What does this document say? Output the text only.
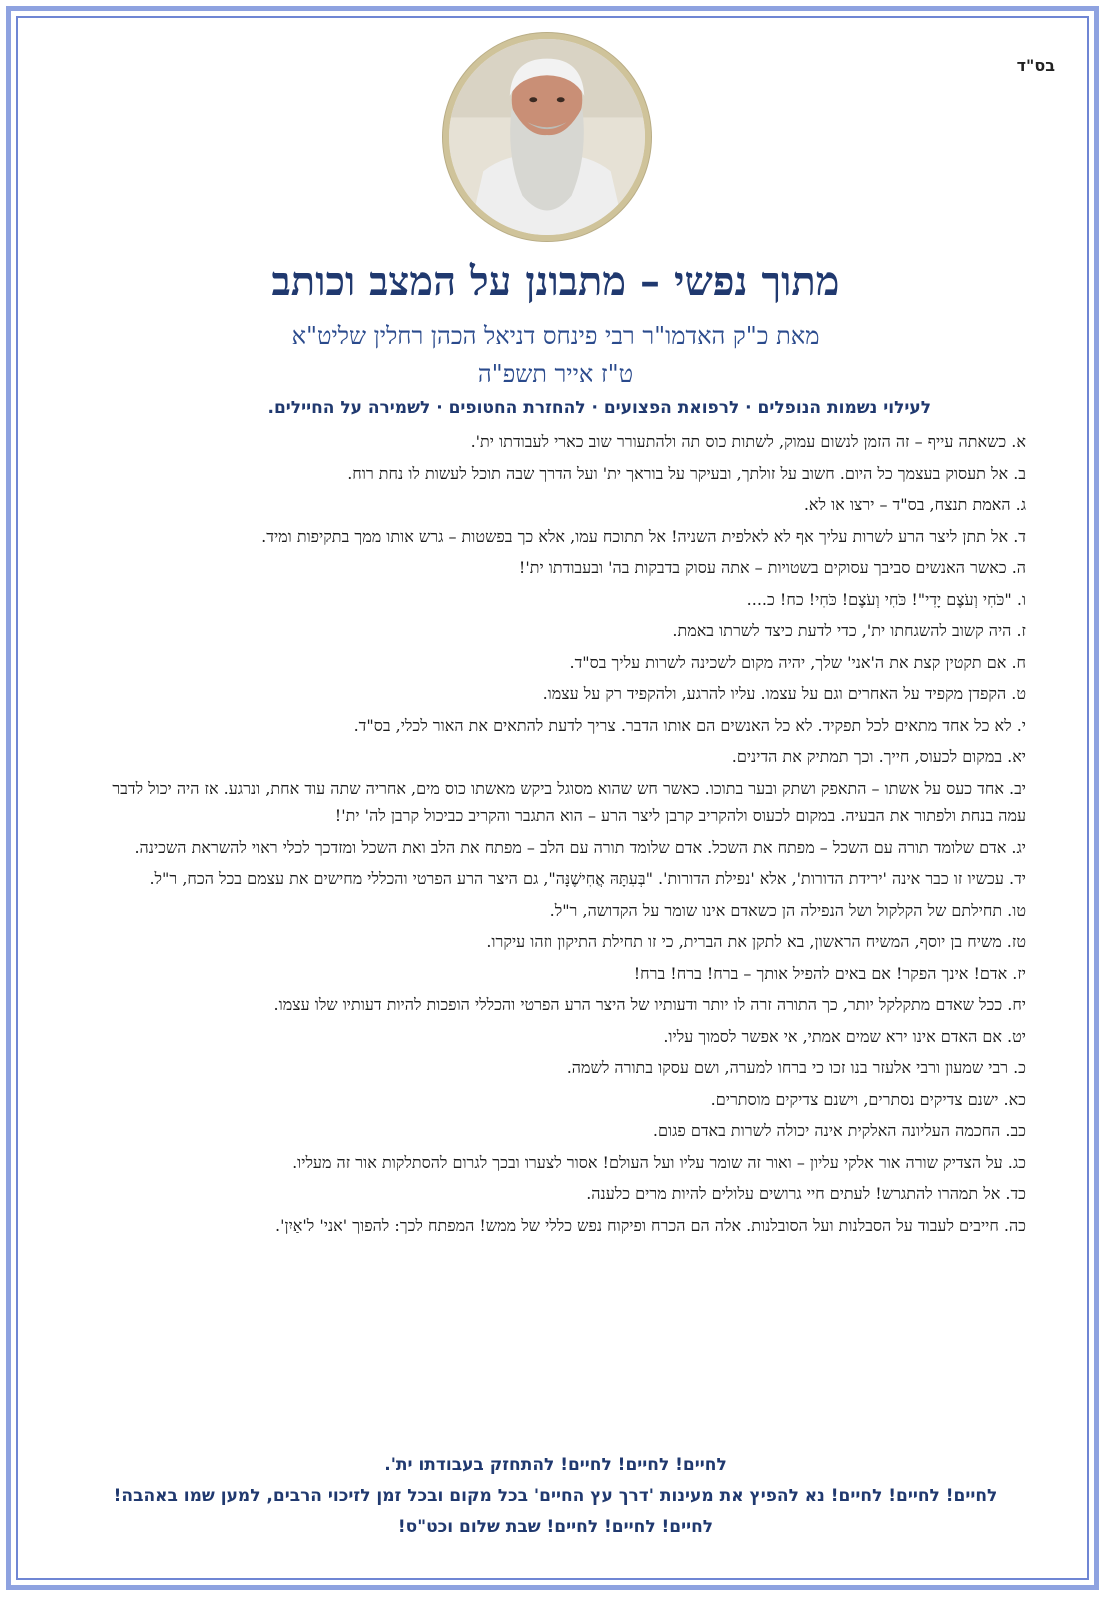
בס"ד
מתוך נפשי – מתבונן על המצב וכותב
מאת כ"ק האדמו"ר רבי פינחס דניאל הכהן רחלין שליט"א
ט"ז אייר תשפ"ה
לעילוי נשמות הנופלים · לרפואת הפצועים · להחזרת החטופים · לשמירה על החיילים.
א. כשאתה עייף – זה הזמן לנשום עמוק, לשתות כוס תה ולהתעורר שוב כארי לעבודתו ית'.
ב. אל תעסוק בעצמך כל היום. חשוב על זולתך, ובעיקר על בוראך ית' ועל הדרך שבה תוכל לעשות לו נחת רוח.
ג. האמת תנצח, בס"ד – ירצו או לא.
ד. אל תתן ליצר הרע לשרות עליך אף לא לאלפית השניה! אל תתוכח עמו, אלא כך בפשטות – גרש אותו ממך בתקיפות ומיד.
ה. כאשר האנשים סביבך עסוקים בשטויות – אתה עסוק בדבקות בה' ובעבודתו ית'!
ו. "כֹּחִי וְעֹצֶם יָדִי"! כֹּחִי וְעֹצֶם! כֹּחִי! כח! כ....
ז. היה קשוב להשגחתו ית', כדי לדעת כיצד לשרתו באמת.
ח. אם תקטין קצת את ה'אני' שלך, יהיה מקום לשכינה לשרות עליך בס"ד.
ט. הקפדן מקפיד על האחרים וגם על עצמו. עליו להרגע, ולהקפיד רק על עצמו.
י. לא כל אחד מתאים לכל תפקיד. לא כל האנשים הם אותו הדבר. צריך לדעת להתאים את האור לכלי, בס"ד.
יא. במקום לכעוס, חייך. וכך תמתיק את הדינים.
יב. אחד כעס על אשתו – התאפק ושתק ובער בתוכו. כאשר חש שהוא מסוגל ביקש מאשתו כוס מים, אחריה שתה עוד אחת, ונרגע. אז היה יכול לדבר עמה בנחת ולפתור את הבעיה. במקום לכעוס ולהקריב קרבן ליצר הרע – הוא התגבר והקריב כביכול קרבן לה' ית'!
יג. אדם שלומד תורה עם השכל – מפתח את השכל. אדם שלומד תורה עם הלב – מפתח את הלב ואת השכל ומזדכך לכלי ראוי להשראת השכינה.
יד. עכשיו זו כבר אינה 'ירידת הדורות', אלא 'נפילת הדורות'. "בְּעִתָּהּ אֲחִישֶׁנָּה", גם היצר הרע הפרטי והכללי מחישים את עצמם בכל הכח, ר"ל.
טו. תחילתם של הקלקול ושל הנפילה הן כשאדם אינו שומר על הקדושה, ר"ל.
טז. משיח בן יוסף, המשיח הראשון, בא לתקן את הברית, כי זו תחילת התיקון וזהו עיקרו.
יז. אדם! אינך הפקר! אם באים להפיל אותך – ברח! ברח! ברח!
יח. ככל שאדם מתקלקל יותר, כך התורה זרה לו יותר ודעותיו של היצר הרע הפרטי והכללי הופכות להיות דעותיו שלו עצמו.
יט. אם האדם אינו ירא שמים אמתי, אי אפשר לסמוך עליו.
כ. רבי שמעון ורבי אלעזר בנו זכו כי ברחו למערה, ושם עסקו בתורה לשמה.
כא. ישנם צדיקים נסתרים, וישנם צדיקים מוסתרים.
כב. החכמה העליונה האלקית אינה יכולה לשרות באדם פגום.
כג. על הצדיק שורה אור אלקי עליון – ואור זה שומר עליו ועל העולם! אסור לצערו ובכך לגרום להסתלקות אור זה מעליו.
כד. אל תמהרו להתגרש! לעתים חיי גרושים עלולים להיות מרים כלענה.
כה. חייבים לעבוד על הסבלנות ועל הסובלנות. אלה הם הכרח ופיקוח נפש כללי של ממש! המפתח לכך: להפוך 'אני' ל'אַיִן'.
לחיים! לחיים! לחיים! להתחזק בעבודתו ית'.
לחיים! לחיים! לחיים! נא להפיץ את מעינות 'דרך עץ החיים' בכל מקום ובכל זמן לזיכוי הרבים, למען שמו באהבה!
לחיים! לחיים! לחיים! שבת שלום וכט"ס!
